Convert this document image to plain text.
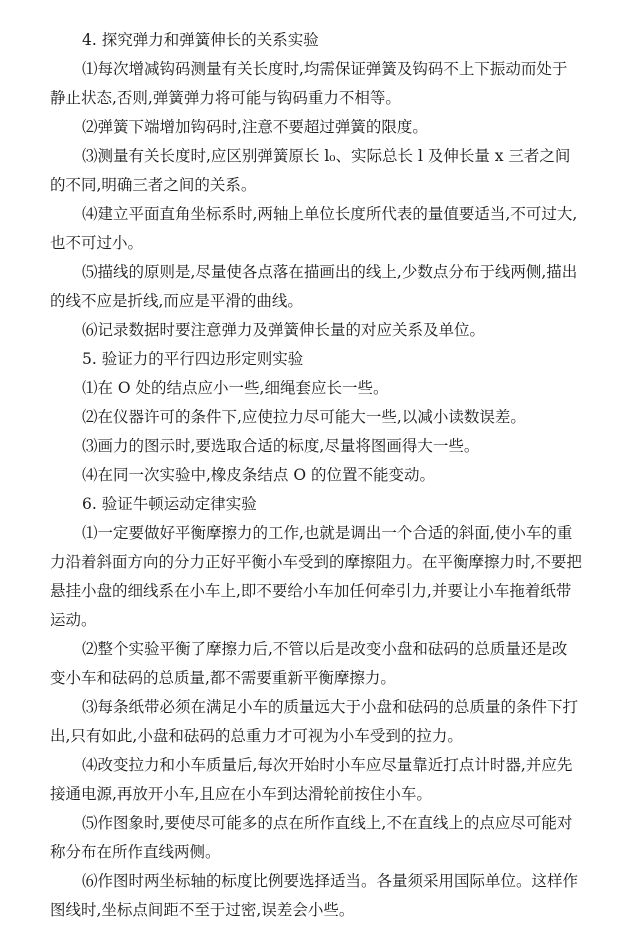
4. 探究弹力和弹簧伸长的关系实验
⑴每次增减钩码测量有关长度时,均需保证弹簧及钩码不上下振动而处于
静止状态,否则,弹簧弹力将可能与钩码重力不相等。
⑵弹簧下端增加钩码时,注意不要超过弹簧的限度。
⑶测量有关长度时,应区别弹簧原长 l₀、实际总长 l 及伸长量 x 三者之间
的不同,明确三者之间的关系。
⑷建立平面直角坐标系时,两轴上单位长度所代表的量值要适当,不可过大,
也不可过小。
⑸描线的原则是,尽量使各点落在描画出的线上,少数点分布于线两侧,描出
的线不应是折线,而应是平滑的曲线。
⑹记录数据时要注意弹力及弹簧伸长量的对应关系及单位。
5. 验证力的平行四边形定则实验
⑴在 O 处的结点应小一些,细绳套应长一些。
⑵在仪器许可的条件下,应使拉力尽可能大一些,以减小读数误差。
⑶画力的图示时,要选取合适的标度,尽量将图画得大一些。
⑷在同一次实验中,橡皮条结点 O 的位置不能变动。
6. 验证牛顿运动定律实验
⑴一定要做好平衡摩擦力的工作,也就是调出一个合适的斜面,使小车的重
力沿着斜面方向的分力正好平衡小车受到的摩擦阻力。在平衡摩擦力时,不要把
悬挂小盘的细线系在小车上,即不要给小车加任何牵引力,并要让小车拖着纸带
运动。
⑵整个实验平衡了摩擦力后,不管以后是改变小盘和砝码的总质量还是改
变小车和砝码的总质量,都不需要重新平衡摩擦力。
⑶每条纸带必须在满足小车的质量远大于小盘和砝码的总质量的条件下打
出,只有如此,小盘和砝码的总重力才可视为小车受到的拉力。
⑷改变拉力和小车质量后,每次开始时小车应尽量靠近打点计时器,并应先
接通电源,再放开小车,且应在小车到达滑轮前按住小车。
⑸作图象时,要使尽可能多的点在所作直线上,不在直线上的点应尽可能对
称分布在所作直线两侧。
⑹作图时两坐标轴的标度比例要选择适当。各量须采用国际单位。这样作
图线时,坐标点间距不至于过密,误差会小些。
